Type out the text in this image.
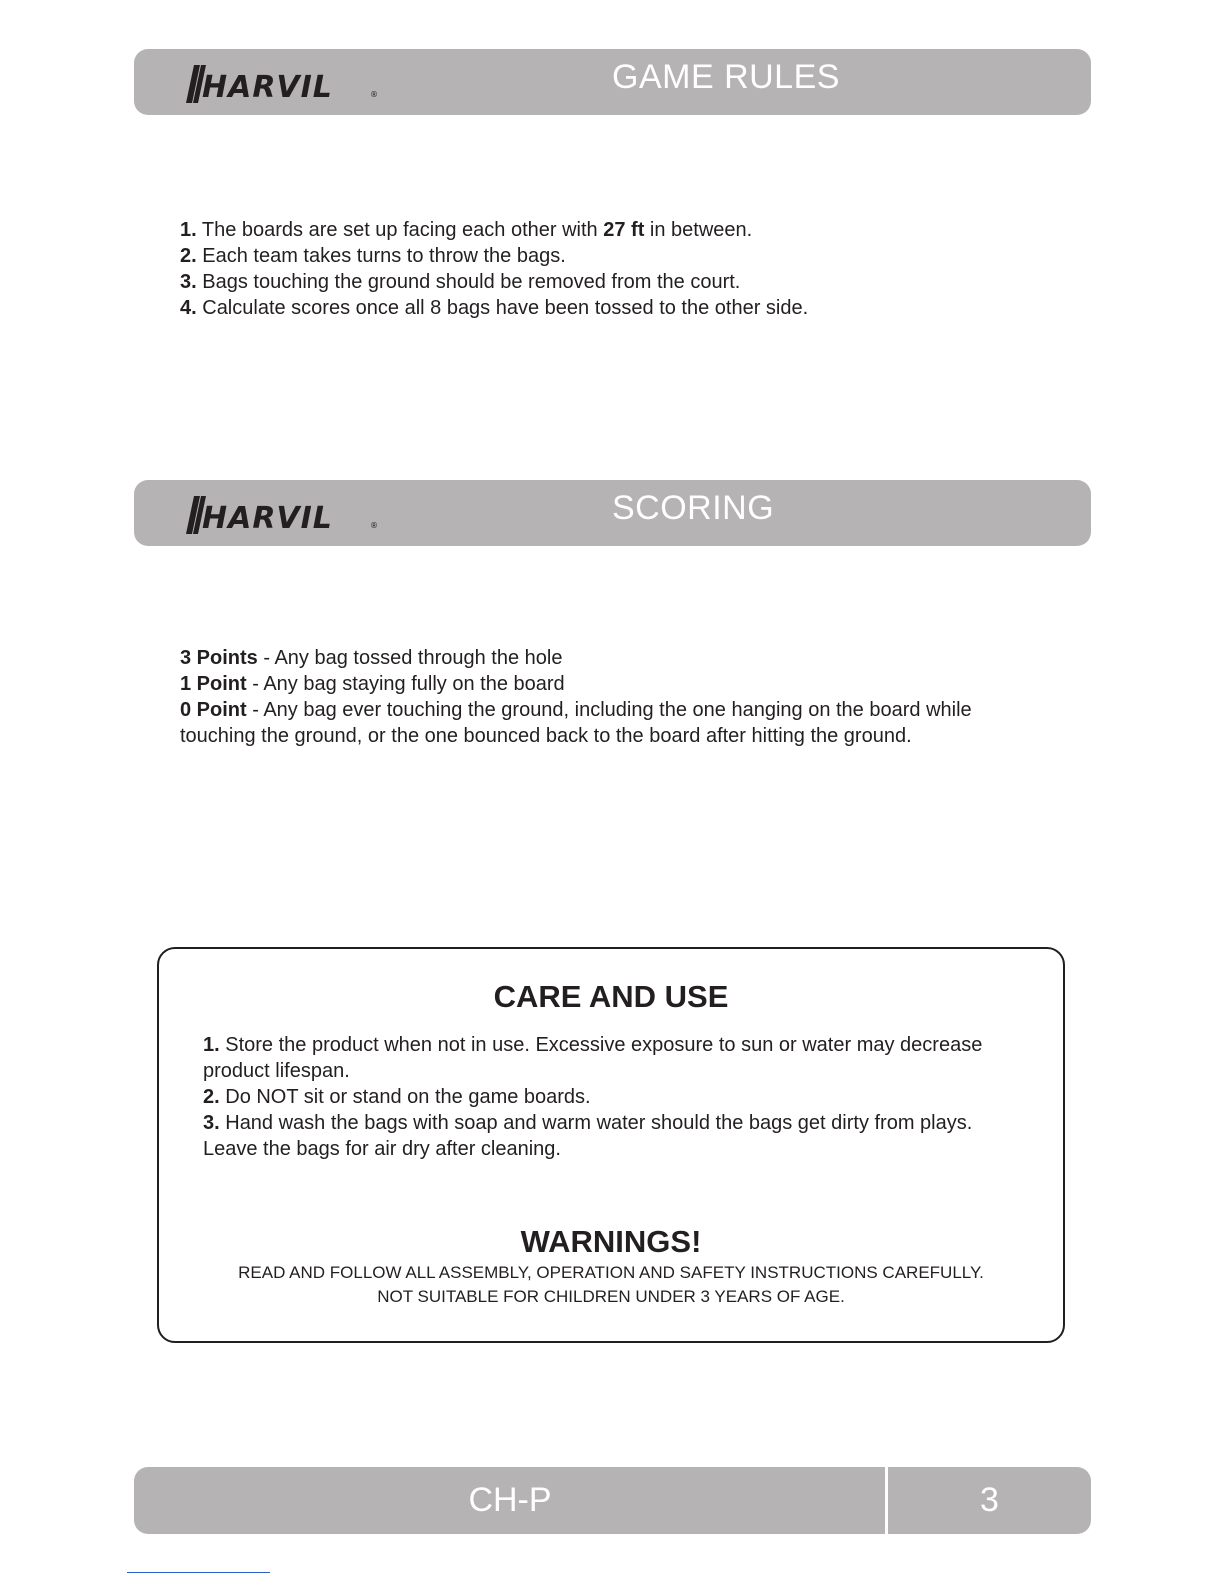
HARVIL	®	GAME RULES
1. The boards are set up facing each other with 27 ft in between.
2. Each team takes turns to throw the bags.
3. Bags touching the ground should be removed from the court.
4. Calculate scores once all 8 bags have been tossed to the other side.
HARVIL	®	SCORING
3 Points - Any bag tossed through the hole
1 Point - Any bag staying fully on the board
0 Point - Any bag ever touching the ground, including the one hanging on the board while touching the ground, or the one bounced back to the board after hitting the ground.
CARE AND USE
1. Store the product when not in use. Excessive exposure to sun or water may decrease product lifespan.
2. Do NOT sit or stand on the game boards.
3. Hand wash the bags with soap and warm water should the bags get dirty from plays. Leave the bags for air dry after cleaning.
WARNINGS!
READ AND FOLLOW ALL ASSEMBLY, OPERATION AND SAFETY INSTRUCTIONS CAREFULLY.
NOT SUITABLE FOR CHILDREN UNDER 3 YEARS OF AGE.
CH-P	3
